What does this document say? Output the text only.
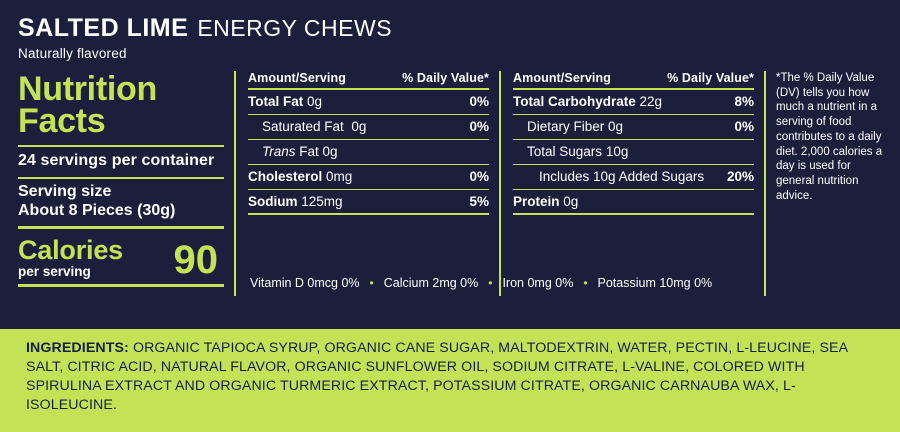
SALTED LIME ENERGY CHEWS
Naturally flavored
Nutrition
Facts
24 servings per container
Serving size
About 8 Pieces (30g)
Calories
per serving	90
Amount/Serving	% Daily Value*
Total Fat 0g	0%
Saturated Fat 0g	0%
Trans Fat 0g
Cholesterol 0mg	0%
Sodium 125mg	5%
Amount/Serving	% Daily Value*
Total Carbohydrate 22g	8%
Dietary Fiber 0g	0%
Total Sugars 10g
Includes 10g Added Sugars 20%
Protein 0g
*The % Daily Value (DV) tells you how much a nutrient in a serving of food contributes to a daily diet. 2,000 calories a day is used for general nutrition advice.
Vitamin D 0mcg 0% • Calcium 2mg 0% • Iron 0mg 0% • Potassium 10mg 0%
INGREDIENTS: ORGANIC TAPIOCA SYRUP, ORGANIC CANE SUGAR, MALTODEXTRIN, WATER, PECTIN, L-LEUCINE, SEA SALT, CITRIC ACID, NATURAL FLAVOR, ORGANIC SUNFLOWER OIL, SODIUM CITRATE, L-VALINE, COLORED WITH SPIRULINA EXTRACT AND ORGANIC TURMERIC EXTRACT, POTASSIUM CITRATE, ORGANIC CARNAUBA WAX, L-ISOLEUCINE.
